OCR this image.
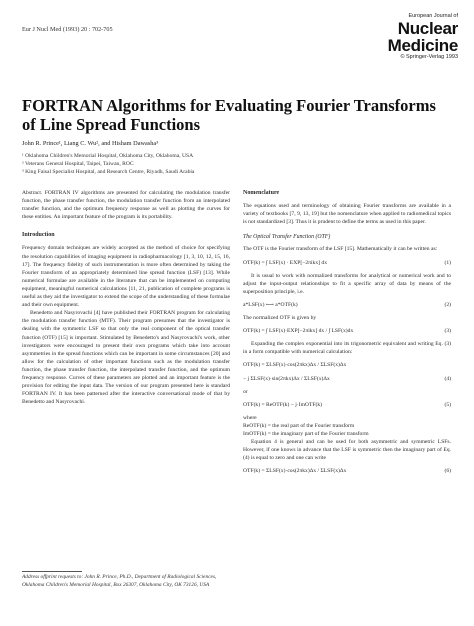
Eur J Nucl Med (1993) 20 : 702-705
European Journal of
Nuclear
Medicine
© Springer-Verlag 1993
FORTRAN Algorithms for Evaluating Fourier Transforms of Line Spread Functions
John R. Prince¹, Liang C. Wu², and Hisham Dawasha³
¹ Oklahoma Children's Memorial Hospital, Oklahoma City, Oklahoma, USA
² Veterans General Hospital, Taipei, Taiwan, ROC
³ King Faisal Specialist Hospital, and Research Centre, Riyadh, Saudi Arabia

Abstract. FORTRAN IV algorithms are presented for calculating the modulation transfer function, the phase transfer function, the modulation transfer function from an interpolated transfer function, and the optimum frequency response as well as plotting the curves for these entities. An important feature of the program is its portability.

Introduction

Frequency domain techniques are widely accepted as the method of choice for specifying the resolution capabilities of imaging equipment in radiopharmacology [1, 3, 10, 12, 15, 16, 17]. The frequency fidelity of such instrumentation is more often determined by taking the Fourier transform of an appropriately determined line spread function (LSF) [13]. While numerical formulae are available in the literature that can be implemented on computing equipment, meaningful numerical calculations [11, 21, publication of complete programs is useful as they aid the investigator to extend the scope of the understanding of these formulae and their own equipment.

Benedetto and Nasyrovachi [4] have published their FORTRAN program for calculating the modulation transfer function (MTF). Their program presumes that the investigator is dealing with the symmetric LSF so that only the real component of the optical transfer function (OTF) [15] is important. Stimulated by Benedetto's and Nasyrovachi's work, other investigators were encouraged to present their own programs which take into account asymmetries in the spread functions which can be important in some circumstances [20] and allow for the calculation of other important functions such as the modulation transfer function, the phase transfer function, the interpolated transfer function, and the optimum frequency response. Curves of these parameters are plotted and an important feature is the provision for editing the input data. The version of our program presented here is standard FORTRAN IV. It has been patterned after the interactive conversational mode of that by Benedetto and Nasyrovachi.

Address offprint requests to: John R. Prince, Ph.D., Department of Radiological Sciences, Oklahoma Children's Memorial Hospital, Box 26307, Oklahoma City, OK 73126, USA
Nomenclature

The equations used and terminology of obtaining Fourier transforms are available in a variety of textbooks [7, 9, 13, 19] but the nomenclature when applied to radiomedical topics is not standardized [3]. Thus it is prudent to define the terms as used in this paper.

The Optical Transfer Function (OTF)

The OTF is the Fourier transform of the LSF [15]. Mathematically it can be written as:

OTF(k) = ∫ LSF(x) · EXP[−2πikx] dx	(1)

It is usual to work with normalized transforms for analytical or numerical work and to adjust the input-output relationships to fit a specific array of data by means of the superposition principle, i.e.

a*LSF(x) ⟷ a*OTF(k)	(2)

The normalized OTF is given by

OTF(k) = ∫ LSF(x)·EXP[−2πikx] dx / ∫ LSF(x)dx	(3)

Expanding the complex exponential into its trigonometric equivalent and writing Eq. (3) in a form compatible with numerical calculation:

OTF(k) = ΣLSF(x)·cos(2πkx)Δx / ΣLSF(x)Δx
− j ΣLSF(x)·sin(2πkx)Δx / ΣLSF(x)Δx	(4)

or

OTF(k) = ReOTF(k) − j·ImOTF(k)	(5)

where

ReOTF(k) = the real part of the Fourier transform

ImOTF(k) = the imaginary part of the Fourier transform

Equation 4 is general and can be used for both asymmetric and symmetric LSFs. However, if one knows in advance that the LSF is symmetric then the imaginary part of Eq. (4) is equal to zero and one can write

OTF(k) = ΣLSF(x)·cos(2πkx)Δx / ΣLSF(x)Δx	(6)
